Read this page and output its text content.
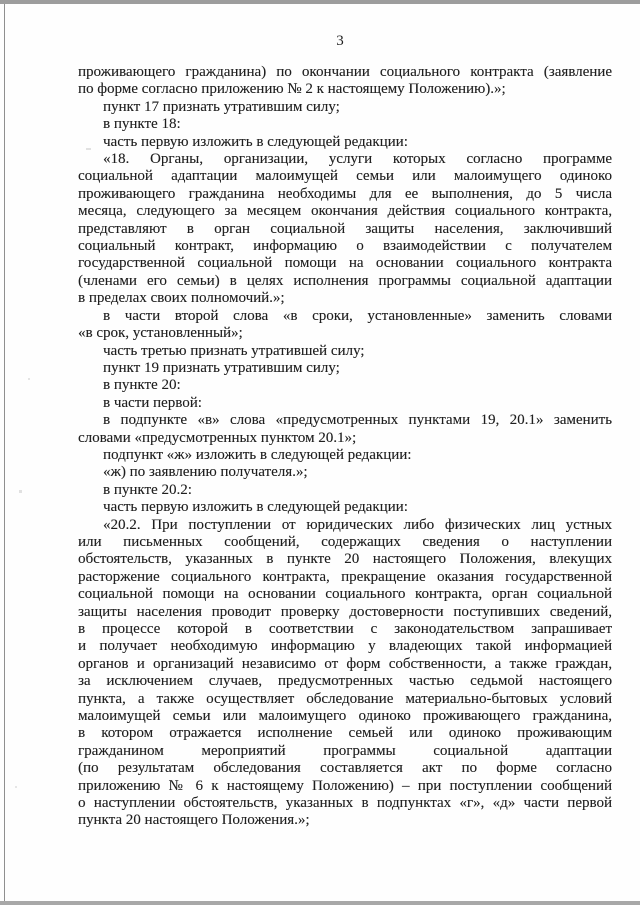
3
проживающего гражданина) по окончании социального контракта (заявление
по форме согласно приложению № 2 к настоящему Положению).»;
пункт 17 признать утратившим силу;
в пункте 18:
часть первую изложить в следующей редакции:
«18. Органы, организации, услуги которых согласно программе
социальной адаптации малоимущей семьи или малоимущего одиноко
проживающего гражданина необходимы для ее выполнения, до 5 числа
месяца, следующего за месяцем окончания действия социального контракта,
представляют в орган социальной защиты населения, заключивший
социальный контракт, информацию о взаимодействии с получателем
государственной социальной помощи на основании социального контракта
(членами его семьи) в целях исполнения программы социальной адаптации
в пределах своих полномочий.»;
в части второй слова «в сроки, установленные» заменить словами
«в срок, установленный»;
часть третью признать утратившей силу;
пункт 19 признать утратившим силу;
в пункте 20:
в части первой:
в подпункте «в» слова «предусмотренных пунктами 19, 20.1» заменить
словами «предусмотренных пунктом 20.1»;
подпункт «ж» изложить в следующей редакции:
«ж) по заявлению получателя.»;
в пункте 20.2:
часть первую изложить в следующей редакции:
«20.2. При поступлении от юридических либо физических лиц устных
или письменных сообщений, содержащих сведения о наступлении
обстоятельств, указанных в пункте 20 настоящего Положения, влекущих
расторжение социального контракта, прекращение оказания государственной
социальной помощи на основании социального контракта, орган социальной
защиты населения проводит проверку достоверности поступивших сведений,
в процессе которой в соответствии с законодательством запрашивает
и получает необходимую информацию у владеющих такой информацией
органов и организаций независимо от форм собственности, а также граждан,
за исключением случаев, предусмотренных частью седьмой настоящего
пункта, а также осуществляет обследование материально-бытовых условий
малоимущей семьи или малоимущего одиноко проживающего гражданина,
в котором отражается исполнение семьей или одиноко проживающим
гражданином мероприятий программы социальной адаптации
(по результатам обследования составляется акт по форме согласно
приложению № 6 к настоящему Положению) – при поступлении сообщений
о наступлении обстоятельств, указанных в подпунктах «г», «д» части первой
пункта 20 настоящего Положения.»;
